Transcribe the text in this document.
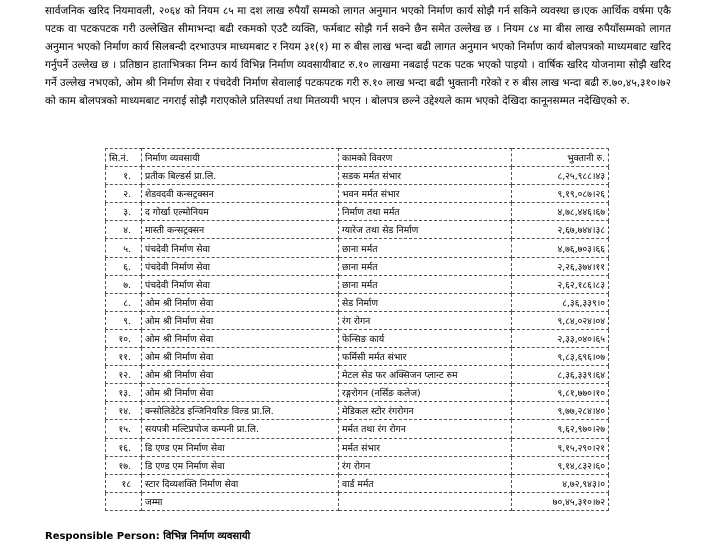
सार्वजनिक खरिद नियमावली, २०६४ को नियम ८५ मा दश लाख रुपैयाँ सम्मको लागत अनुमान भएको निर्माण कार्य सोझै गर्न सकिने व्यवस्था छ।एक आर्थिक वर्षमा एकै पटक वा पटकपटक गरी उल्लेखित सीमाभन्दा बढी रकमको एउटै व्यक्ति, फर्मबाट सोझै गर्न सक्ने छैन समेत उल्लेख छ । नियम ८४ मा बीस लाख रुपैयाँसम्मको लागत अनुमान भएको निर्माण कार्य सिलबन्दी दरभाउपत्र माध्यमबाट र नियम ३१(१) मा रु बीस लाख भन्दा बढी लागत अनुमान भएको निर्माण कार्य बोलपत्रको माध्यमबाट खरिद गर्नुपर्ने उल्लेख छ । प्रतिष्ठान हाताभित्रका निम्न कार्य विभिन्न निर्माण व्यवसायीबाट रु.१० लाखमा नबढाई पटक पटक भएको पाइयो । वार्षिक खरिद योजनामा सोझै खरिद गर्ने उल्लेख नभएको, ओम श्री निर्माण सेवा र पंचदेवी निर्माण सेवालाई पटकपटक गरी रु.१० लाख भन्दा बढी भुक्तानी गरेको र रु बीस लाख भन्दा बढी रु.७०,४५,३१०।७२ को काम बोलपत्रको माध्यमबाट नगराई सोझै गराएकोले प्रतिस्पर्धा तथा मितव्ययी भएन । बोलपत्र छल्ने उद्देश्यले काम भएको देखिदा कानूनसम्मत नदेखिएको रु.

सि.नं.	निर्माण व्यवसायी	कामको विवरण	भुक्तानी रु.
१.	प्रतीक बिल्डर्स प्रा.लि.	सडक मर्मत संभार	८,२५,९८८।४३
२.	शेडवदवी कन्सट्रक्सन	भवन मर्मत संभार	९,१९,०८७।२६
३.	द गोर्खा एल्मोनियम	निर्माण तथा मर्मत	४,७८,४४६।६७
४.	मास्ती कन्सट्रक्सन	ग्यारेज तथा सेड निर्माण	२,६७,७४४।३८
५.	पंचदेवी निर्माण सेवा	छाना मर्मत	४,७६,७०३।६६
६.	पंचदेवी निर्माण सेवा	छाना मर्मत	२,२६,३७४।११
७.	पंचदेवी निर्माण सेवा	छाना मर्मत	२,६२,१८६।८३
८.	ओम श्री निर्माण सेवा	सेड निर्माण	८,३६,३३९।०
९.	ओम श्री निर्माण सेवा	रंग रोगन	९,८४,०२४।०४
१०.	ओम श्री निर्माण सेवा	फेन्सिङ कार्य	२,३३,०४०।६५
११.	ओम श्री निर्माण सेवा	फर्मिसी मर्मत संभार	९,८३,६९६।०७
१२.	ओम श्री निर्माण सेवा	मेटल सेड फर अक्सिजन प्लान्ट रुम	८,३६,३३९।६४
१३.	ओम श्री निर्माण सेवा	रङ्गरोगन (नर्सिङ कलेज)	९,८१,७७०।१०
१४.	क्न्सोलिडेटेड इन्जिनियरिङ विल्ड प्रा.लि.	मेडिकल स्टोर रंगरोगन	९,७७,२८४।४०
१५.	सयपत्री मल्टिप्रपोज कम्पनी प्रा.लि.	मर्मत तथा रंग रोगन	९,६२,९७०।२७
१६.	डि एण्ड एम निर्माण सेवा	मर्मत संभार	९,१५,२९०।२१
१७.	डि एण्ड एम निर्माण सेवा	रंग रोगन	९,१४,८३२।६०
१८	स्टार दिव्यशक्ति निर्माण सेवा	वार्ड मर्मत	४,७२,९४३।०
	जम्मा		७०,४५,३१०।७२
Responsible Person: विभिन्न निर्माण व्यवसायी
